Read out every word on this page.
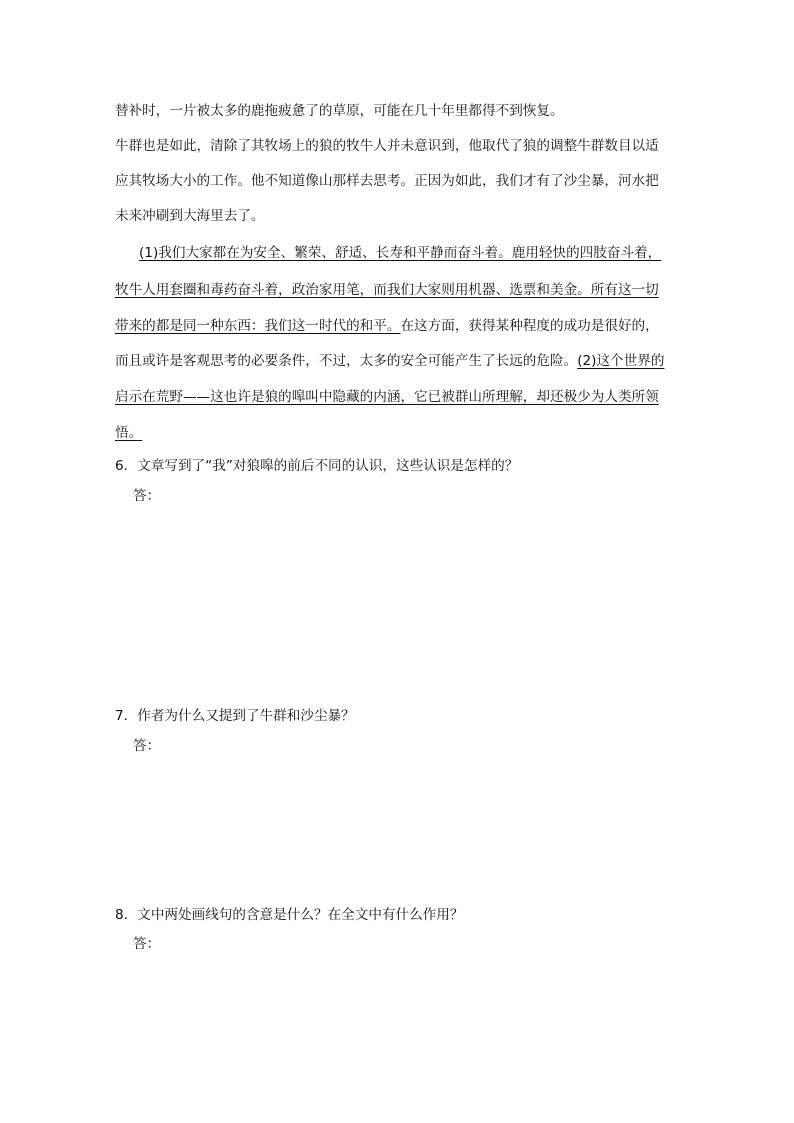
替补时，一片被太多的鹿拖疲惫了的草原，可能在几十年里都得不到恢复。
牛群也是如此，清除了其牧场上的狼的牧牛人并未意识到，他取代了狼的调整牛群数目以适
应其牧场大小的工作。他不知道像山那样去思考。正因为如此，我们才有了沙尘暴，河水把
未来冲刷到大海里去了。
(1)我们大家都在为安全、繁荣、舒适、长寿和平静而奋斗着。鹿用轻快的四肢奋斗着，
牧牛人用套圈和毒药奋斗着，政治家用笔，而我们大家则用机器、选票和美金。所有这一切
带来的都是同一种东西：我们这一时代的和平。在这方面，获得某种程度的成功是很好的，
而且或许是客观思考的必要条件，不过，太多的安全可能产生了长远的危险。(2)这个世界的
启示在荒野——这也许是狼的嗥叫中隐藏的内涵，它已被群山所理解，却还极少为人类所领
悟。
6．文章写到了“我”对狼嗥的前后不同的认识，这些认识是怎样的？
答：
7．作者为什么又提到了牛群和沙尘暴？
答：
8．文中两处画线句的含意是什么？在全文中有什么作用？
答：
